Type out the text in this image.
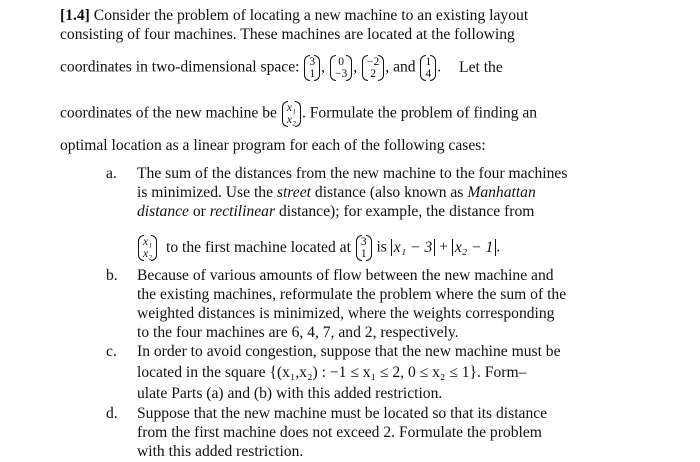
[1.4] Consider the problem of locating a new machine to an existing layout
consisting of four machines. These machines are located at the following
coordinates in two-dimensional space: 3
1 , 0
−3 , −2
2 , and 1
4 . Let the
coordinates of the new machine be x₁
x₂ . Formulate the problem of finding an
optimal location as a linear program for each of the following cases:
a. The sum of the distances from the new machine to the four machines
is minimized. Use the street distance (also known as Manhattan
distance or rectilinear distance); for example, the distance from
x₁
x₂ to the first machine located at 3
1 is x₁ − 3 + x₂ − 1 .
b. Because of various amounts of flow between the new machine and
the existing machines, reformulate the problem where the sum of the
weighted distances is minimized, where the weights corresponding
to the four machines are 6, 4, 7, and 2, respectively.
c. In order to avoid congestion, suppose that the new machine must be
located in the square {(x₁,x₂) : −1 ≤ x₁ ≤ 2, 0 ≤ x₂ ≤ 1}. Form–
ulate Parts (a) and (b) with this added restriction.
d. Suppose that the new machine must be located so that its distance
from the first machine does not exceed 2. Formulate the problem
with this added restriction.
